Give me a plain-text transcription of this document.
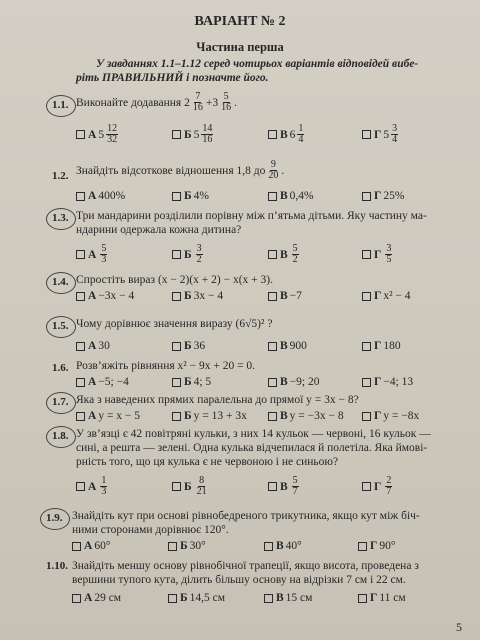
ВАРІАНТ № 2
Частина перша
У завданнях 1.1–1.12 серед чотирьох варіантів відповідей вибе-
ріть ПРАВИЛЬНИЙ і позначте його.
1.1. Виконайте додавання
$2 \frac{7}{16} + 3 \frac{5}{16}$ .
А $5 \frac{12}{32}$	Б $5 \frac{14}{16}$	В $6 \frac{1}{4}$	Г $5 \frac{3}{4}$
1.2. Знайдіть відсоткове відношення 1,8 до $\frac{9}{20}$ .
А 400%	Б 4%	В 0,4%	Г 25%
1.3. Три мандарини розділили порівну між п’ятьма дітьми. Яку частину ма-
ндарини одержала кожна дитина?
А $\frac{5}{3}$	Б $\frac{3}{2}$	В $\frac{5}{2}$	Г $\frac{3}{5}$
1.4. Спростіть вираз (x − 2)(x + 2) − x(x + 3).
А −3x − 4	Б 3x − 4	В −7	Г x² − 4
1.5. Чому дорівнює значення виразу (6√5)² ?
А 30	Б 36	В 900	Г 180
1.6. Розв’яжіть рівняння x² − 9x + 20 = 0.
А −5; −4	Б 4; 5	В −9; 20	Г −4; 13
1.7. Яка з наведених прямих паралельна до прямої y = 3x − 8?
А y = x − 5	Б y = 13 + 3x	В y = −3x − 8	Г y = −8x
1.8. У зв’язці є 42 повітряні кульки, з них 14 кульок — червоні, 16 кульок —
сині, а решта — зелені. Одна кулька відчепилася й полетіла. Яка ймові-
рність того, що ця кулька є не червоною і не синьою?
А $\frac{1}{3}$	Б $\frac{8}{21}$	В $\frac{5}{7}$	Г $\frac{2}{7}$
1.9. Знайдіть кут при основі рівнобедреного трикутника, якщо кут між біч-
ними сторонами дорівнює 120°.
А 60°	Б 30°	В 40°	Г 90°
1.10. Знайдіть меншу основу рівнобічної трапеції, якщо висота, проведена з
вершини тупого кута, ділить більшу основу на відрізки 7 см і 22 см.
А 29 см	Б 14,5 см	В 15 см	Г 11 см
5
